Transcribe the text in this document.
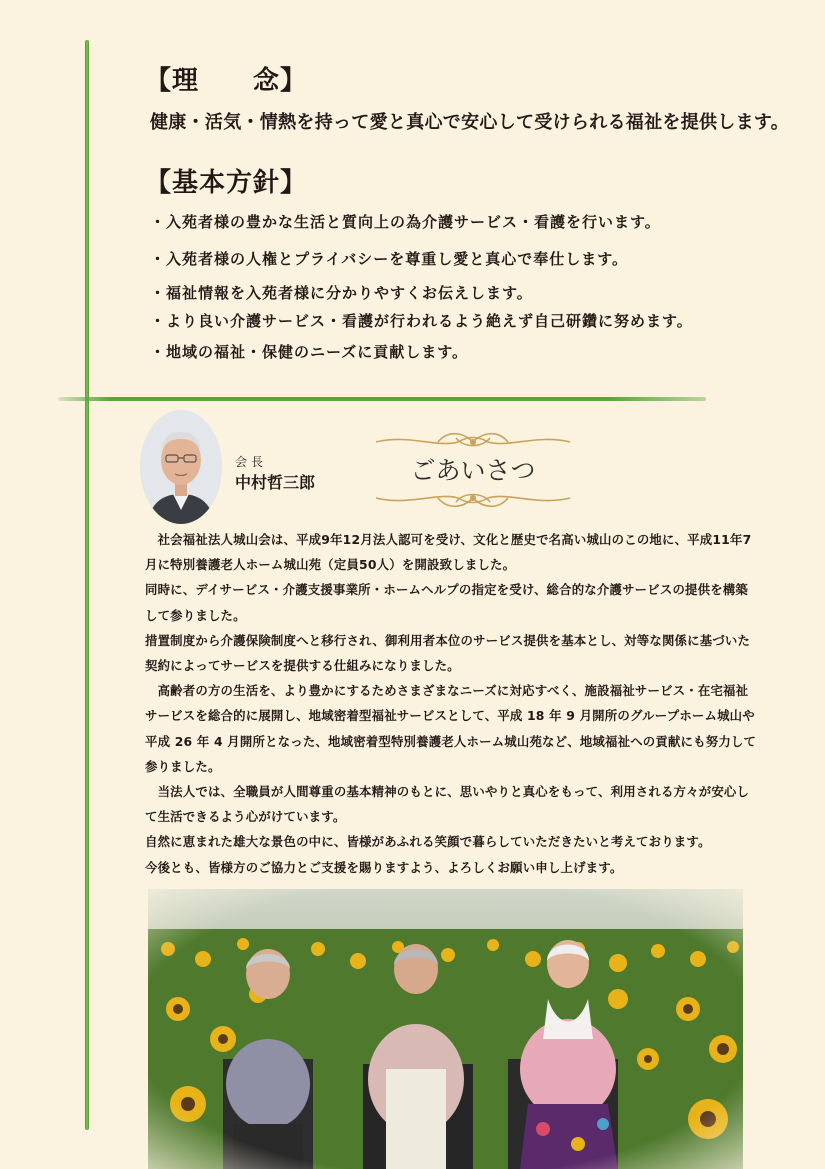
【理　　念】
健康・活気・情熱を持って愛と真心で安心して受けられる福祉を提供します。
【基本方針】
・入苑者様の豊かな生活と質向上の為介護サービス・看護を行います。
・入苑者様の人権とプライバシーを尊重し愛と真心で奉仕します。
・福祉情報を入苑者様に分かりやすくお伝えします。
・より良い介護サービス・看護が行われるよう絶えず自己研鑽に努めます。
・地域の福祉・保健のニーズに貢献します。
会長
中村哲三郎	ごあいさつ

　社会福祉法人城山会は、平成9年12月法人認可を受け、文化と歴史で名高い城山のこの地に、平成11年7月に特別養護老人ホーム城山苑（定員50人）を開設致しました。

同時に、デイサービス・介護支援事業所・ホームヘルプの指定を受け、総合的な介護サービスの提供を構築して参りました。

措置制度から介護保険制度へと移行され、御利用者本位のサービス提供を基本とし、対等な関係に基づいた契約によってサービスを提供する仕組みになりました。

　高齢者の方の生活を、より豊かにするためさまざまなニーズに対応すべく、施設福祉サービス・在宅福祉サービスを総合的に展開し、地域密着型福祉サービスとして、平成 18 年 9 月開所のグループホーム城山や平成 26 年 4 月開所となった、地域密着型特別養護老人ホーム城山苑など、地域福祉への貢献にも努力して参りました。

　当法人では、全職員が人間尊重の基本精神のもとに、思いやりと真心をもって、利用される方々が安心して生活できるよう心がけています。

自然に恵まれた雄大な景色の中に、皆様があふれる笑顔で暮らしていただきたいと考えております。

今後とも、皆様方のご協力とご支援を賜りますよう、よろしくお願い申し上げます。
